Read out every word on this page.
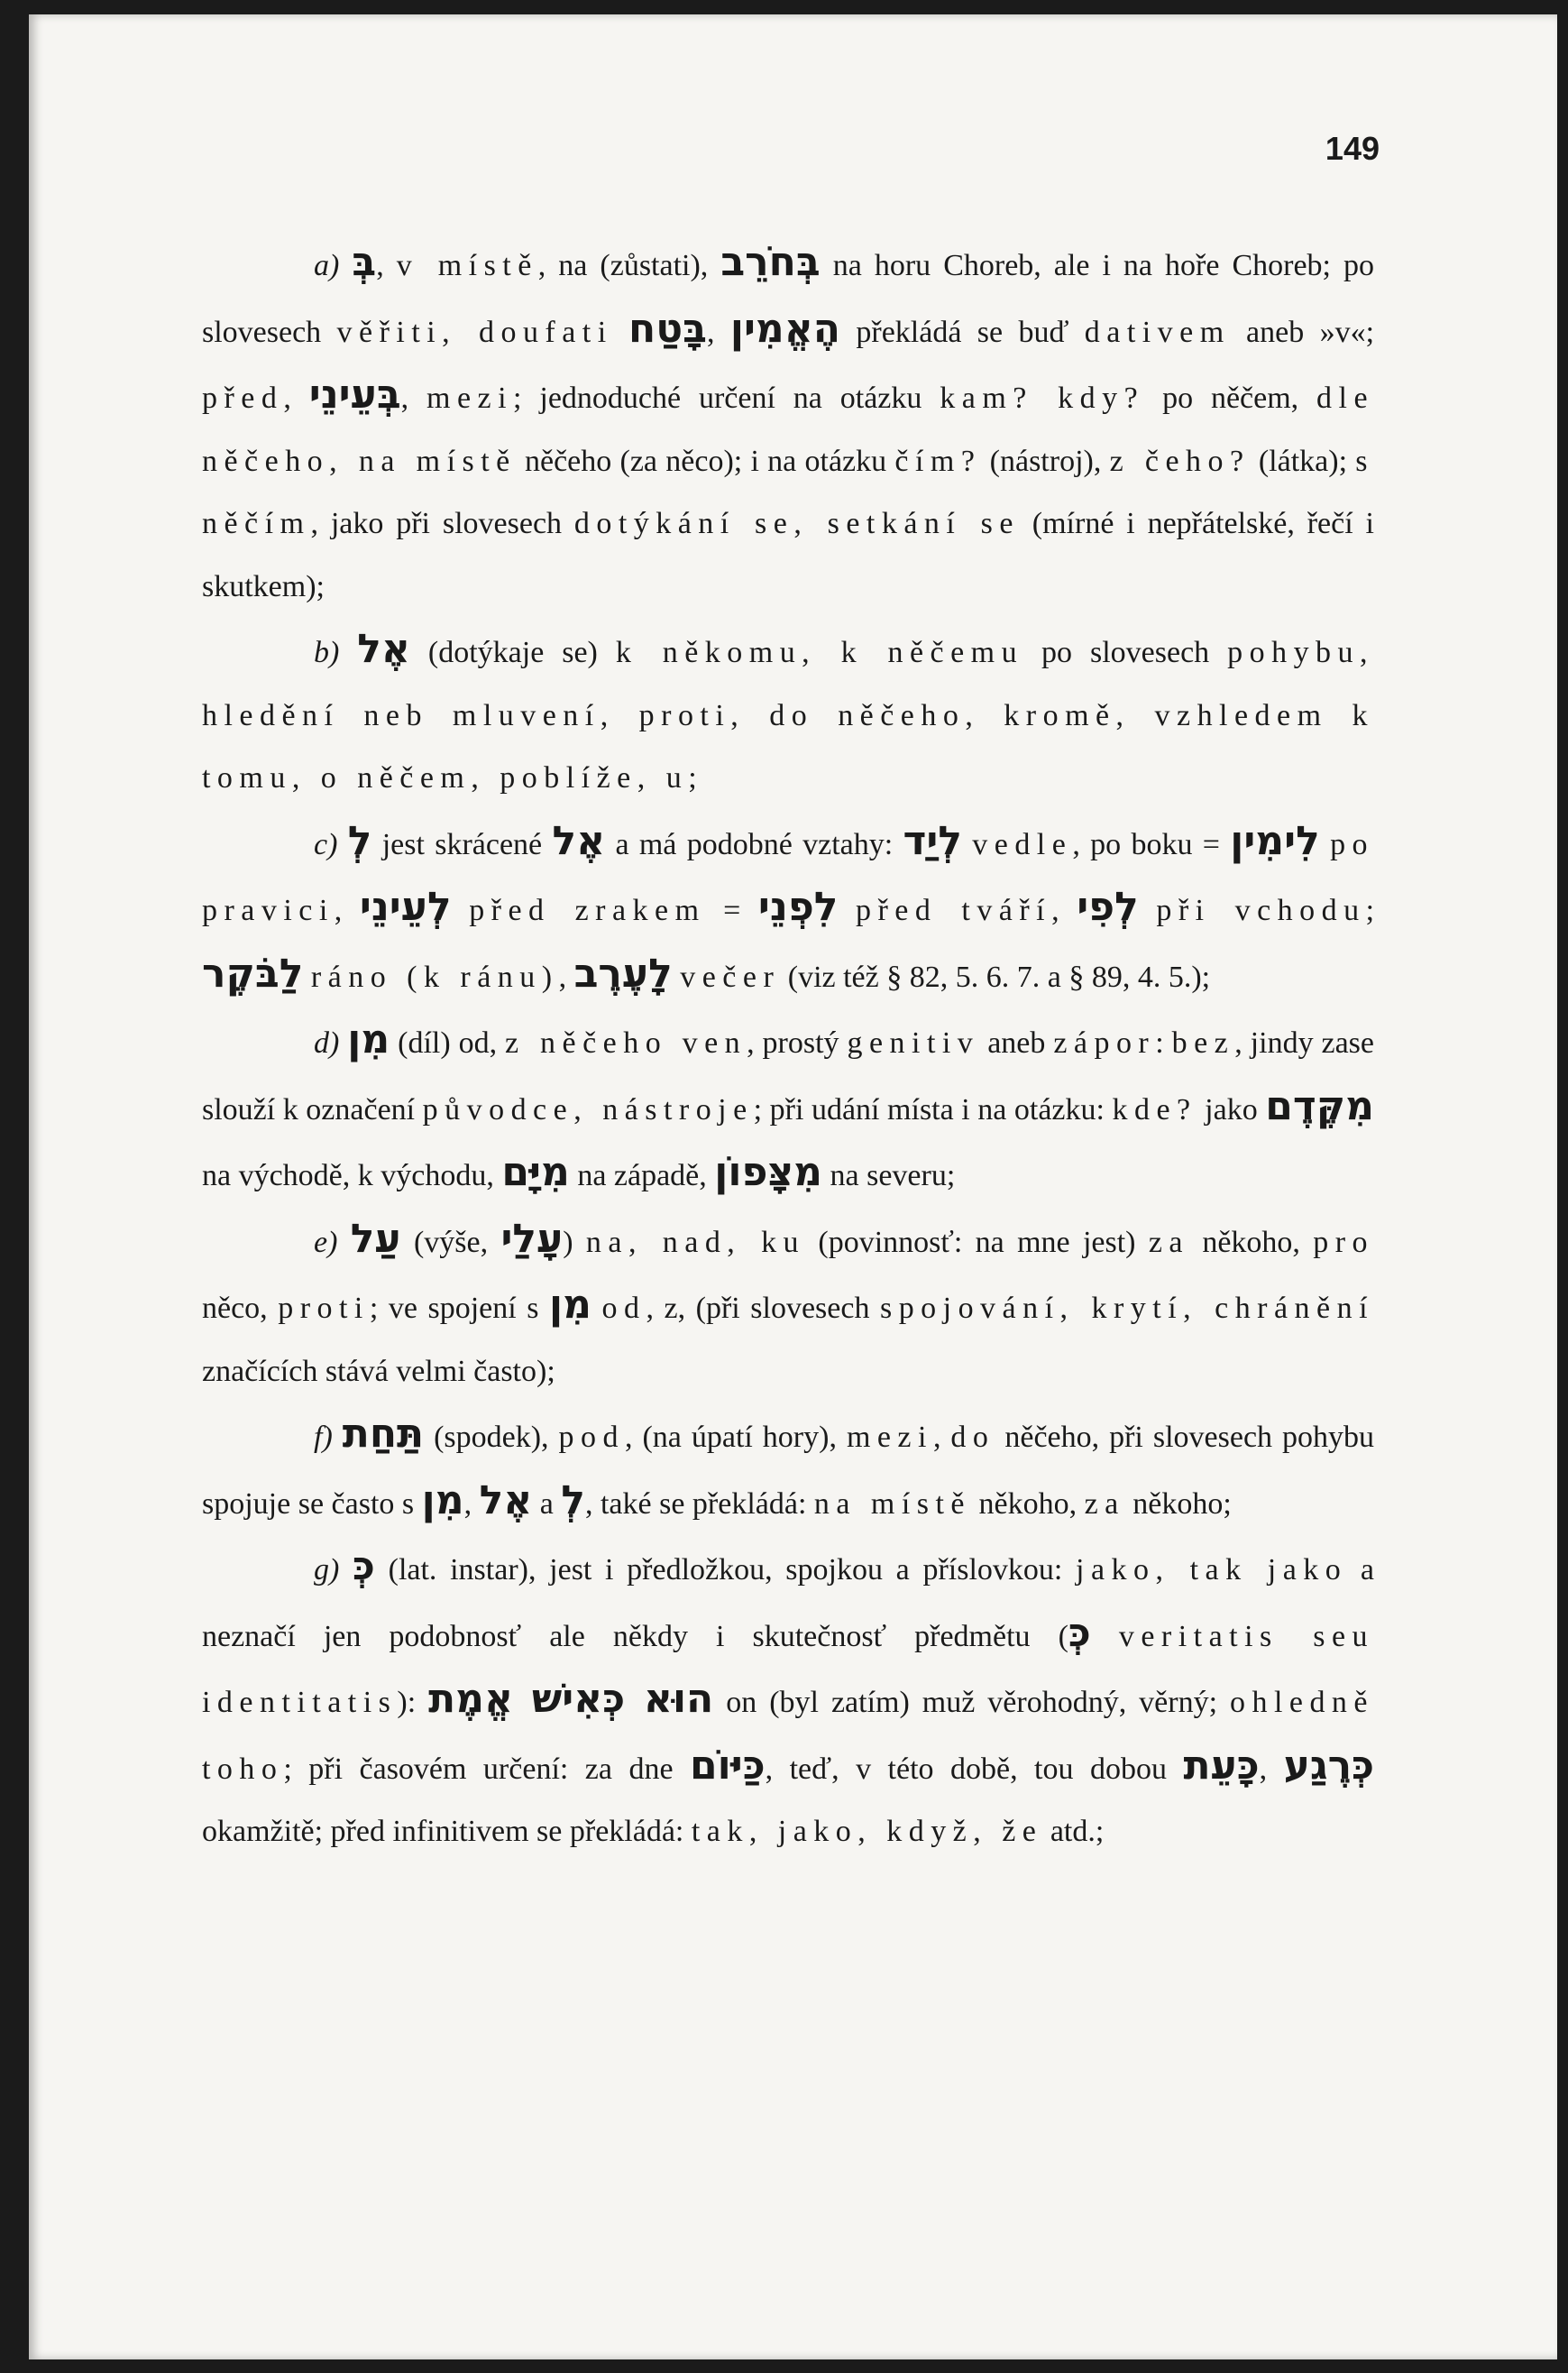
149

a) בְּ, v místě, na (zůstati), בְּחֹרֵב na horu Choreb, ale i na hoře Choreb; po slovesech věřiti, doufati בָּטַח, הֶאֱמִין překládá se buď dativem aneb »v«; před, בְּעֵינֵי, mezi; jednoduché určení na otázku kam? kdy? po něčem, dle něčeho, na místě něčeho (za něco); i na otázku čím? (nástroj), z čeho? (látka); s něčím, jako při slovesech dotýkání se, setkání se (mírné i nepřátelské, řečí i skutkem);

b) אֶל (dotýkaje se) k někomu, k něčemu po slovesech pohybu, hledění neb mluvení, proti, do něčeho, kromě, vzhledem k tomu, o něčem, poblíže, u;

c) לְ jest skrácené אֶל a má podobné vztahy: לְיַד vedle, po boku = לִימִין po pravici, לְעֵינֵי před zrakem = לִפְנֵי před tváří, לְפִי při vchodu; לַבֹּקֶר ráno (k ránu), לָעֶרֶב večer (viz též § 82, 5. 6. 7. a § 89, 4. 5.);

d) מִן (díl) od, z něčeho ven, prostý genitiv aneb zápor: bez, jindy zase slouží k označení původce, nástroje; při udání místa i na otázku: kde? jako מִקֶּדֶם na východě, k východu, מִיָּם na západě, מִצָּפוֹן na severu;

e) עַל (výše, עָלַי) na, nad, ku (povinnosť: na mne jest) za někoho, pro něco, proti; ve spojení s מִן od, z, (při slovesech spojování, krytí, chránění značících stává velmi často);

f) תַּחַת (spodek), pod, (na úpatí hory), mezi, do něčeho, při slovesech pohybu spojuje se často s מִן, אֶל a לְ, také se překládá: na místě někoho, za někoho;

g) כְּ (lat. instar), jest i předložkou, spojkou a příslovkou: jako, tak jako a neznačí jen podobnosť ale někdy i skutečnosť předmětu (כְּ veritatis seu identitatis): הוּא כְּאִישׁ אֱמֶת on (byl zatím) muž věrohodný, věrný; ohledně toho; při časovém určení: za dne כַּיּוֹם, teď, v této době, tou dobou כָּעֵת, כְּרֶגַע okamžitě; před infinitivem se překládá: tak, jako, když, že atd.;
